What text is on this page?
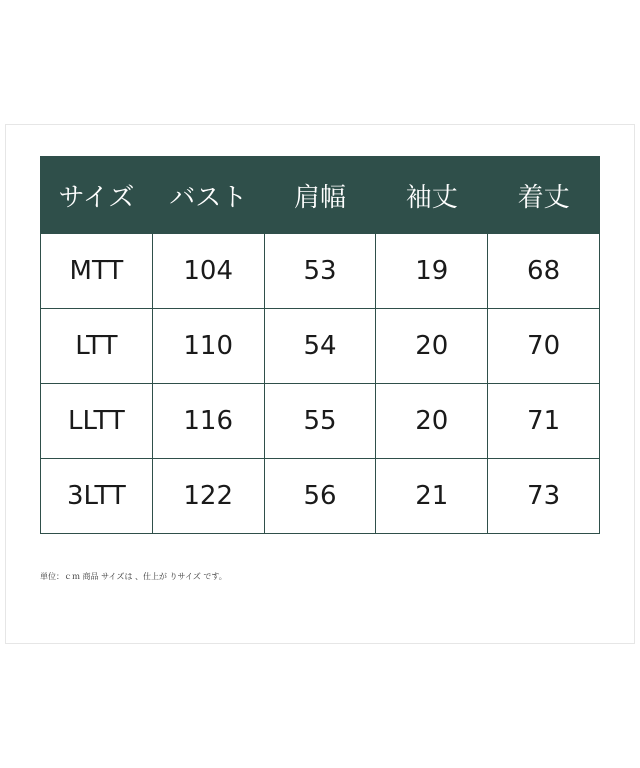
サイズ	バスト	肩幅	袖丈	着丈
MTT	104	53	19	68
LTT	110	54	20	70
LLTT	116	55	20	71
3LTT	122	56	21	73
単位：ｃｍ 商品 サイズは 、仕上が りサイズ です。
